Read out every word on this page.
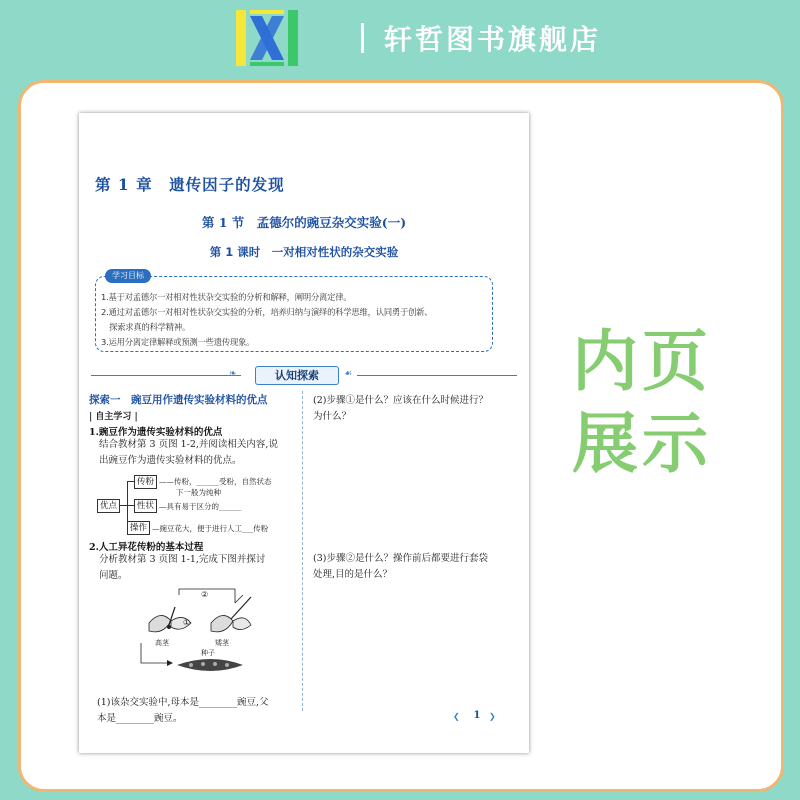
轩哲图书旗舰店
内页
展示
第 1 章　遗传因子的发现
第 1 节　孟德尔的豌豆杂交实验(一)
第 1 课时　一对相对性状的杂交实验
学习目标
1.基于对孟德尔一对相对性状杂交实验的分析和解释，阐明分离定律。
2.通过对孟德尔一对相对性状杂交实验的分析，培养归纳与演绎的科学思维，认同勇于创新、
　探索求真的科学精神。
3.运用分离定律解释或预测一些遗传现象。
❧	认知探索	☙
探索一　豌豆用作遗传实验材料的优点
| 自主学习 |
1.豌豆作为遗传实验材料的优点
结合教材第 3 页图 1-2,并阅读相关内容,说
出豌豆作为遗传实验材料的优点。
优点
传粉 ——传粉，______受粉，自然状态
下一般为纯种
性状 —具有易于区分的______
操作 —豌豆花大，便于进行人工___传粉
2.人工异花传粉的基本过程
分析教材第 3 页图 1-1,完成下图并探讨
问题。
②
①
高茎	矮茎
种子
(1)该杂交实验中,母本是________豌豆,父
本是________豌豆。
(2)步骤①是什么？应该在什么时候进行？
为什么？
(3)步骤②是什么？操作前后都要进行套袋
处理,目的是什么？
❮	1	❯
